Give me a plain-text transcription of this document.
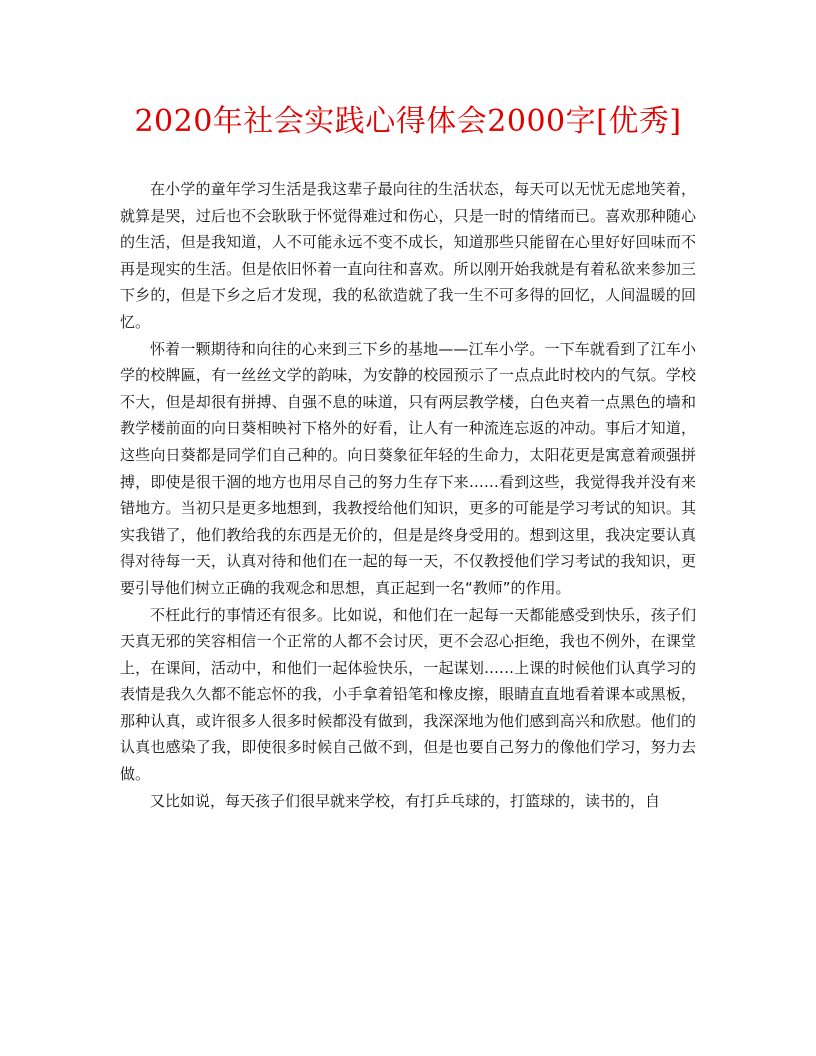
2020年社会实践心得体会2000字[优秀]

在小学的童年学习生活是我这辈子最向往的生活状态，每天可以无忧无虑地笑着，就算是哭，过后也不会耿耿于怀觉得难过和伤心，只是一时的情绪而已。喜欢那种随心的生活，但是我知道，人不可能永远不变不成长，知道那些只能留在心里好好回味而不再是现实的生活。但是依旧怀着一直向往和喜欢。所以刚开始我就是有着私欲来参加三下乡的，但是下乡之后才发现，我的私欲造就了我一生不可多得的回忆，人间温暖的回忆。

怀着一颗期待和向往的心来到三下乡的基地——江车小学。一下车就看到了江车小学的校牌匾，有一丝丝文学的韵味，为安静的校园预示了一点点此时校内的气氛。学校不大，但是却很有拼搏、自强不息的味道，只有两层教学楼，白色夹着一点黑色的墙和教学楼前面的向日葵相映衬下格外的好看，让人有一种流连忘返的冲动。事后才知道，这些向日葵都是同学们自己种的。向日葵象征年轻的生命力，太阳花更是寓意着顽强拼搏，即使是很干涸的地方也用尽自己的努力生存下来……看到这些，我觉得我并没有来错地方。当初只是更多地想到，我教授给他们知识，更多的可能是学习考试的知识。其实我错了，他们教给我的东西是无价的，但是是终身受用的。想到这里，我决定要认真得对待每一天，认真对待和他们在一起的每一天，不仅教授他们学习考试的我知识，更要引导他们树立正确的我观念和思想，真正起到一名“教师”的作用。

不枉此行的事情还有很多。比如说，和他们在一起每一天都能感受到快乐，孩子们天真无邪的笑容相信一个正常的人都不会讨厌，更不会忍心拒绝，我也不例外，在课堂上，在课间，活动中，和他们一起体验快乐，一起谋划……上课的时候他们认真学习的表情是我久久都不能忘怀的我，小手拿着铅笔和橡皮擦，眼睛直直地看着课本或黑板，那种认真，或许很多人很多时候都没有做到，我深深地为他们感到高兴和欣慰。他们的认真也感染了我，即使很多时候自己做不到，但是也要自己努力的像他们学习，努力去做。

又比如说，每天孩子们很早就来学校，有打乒乓球的，打篮球的，读书的，自
